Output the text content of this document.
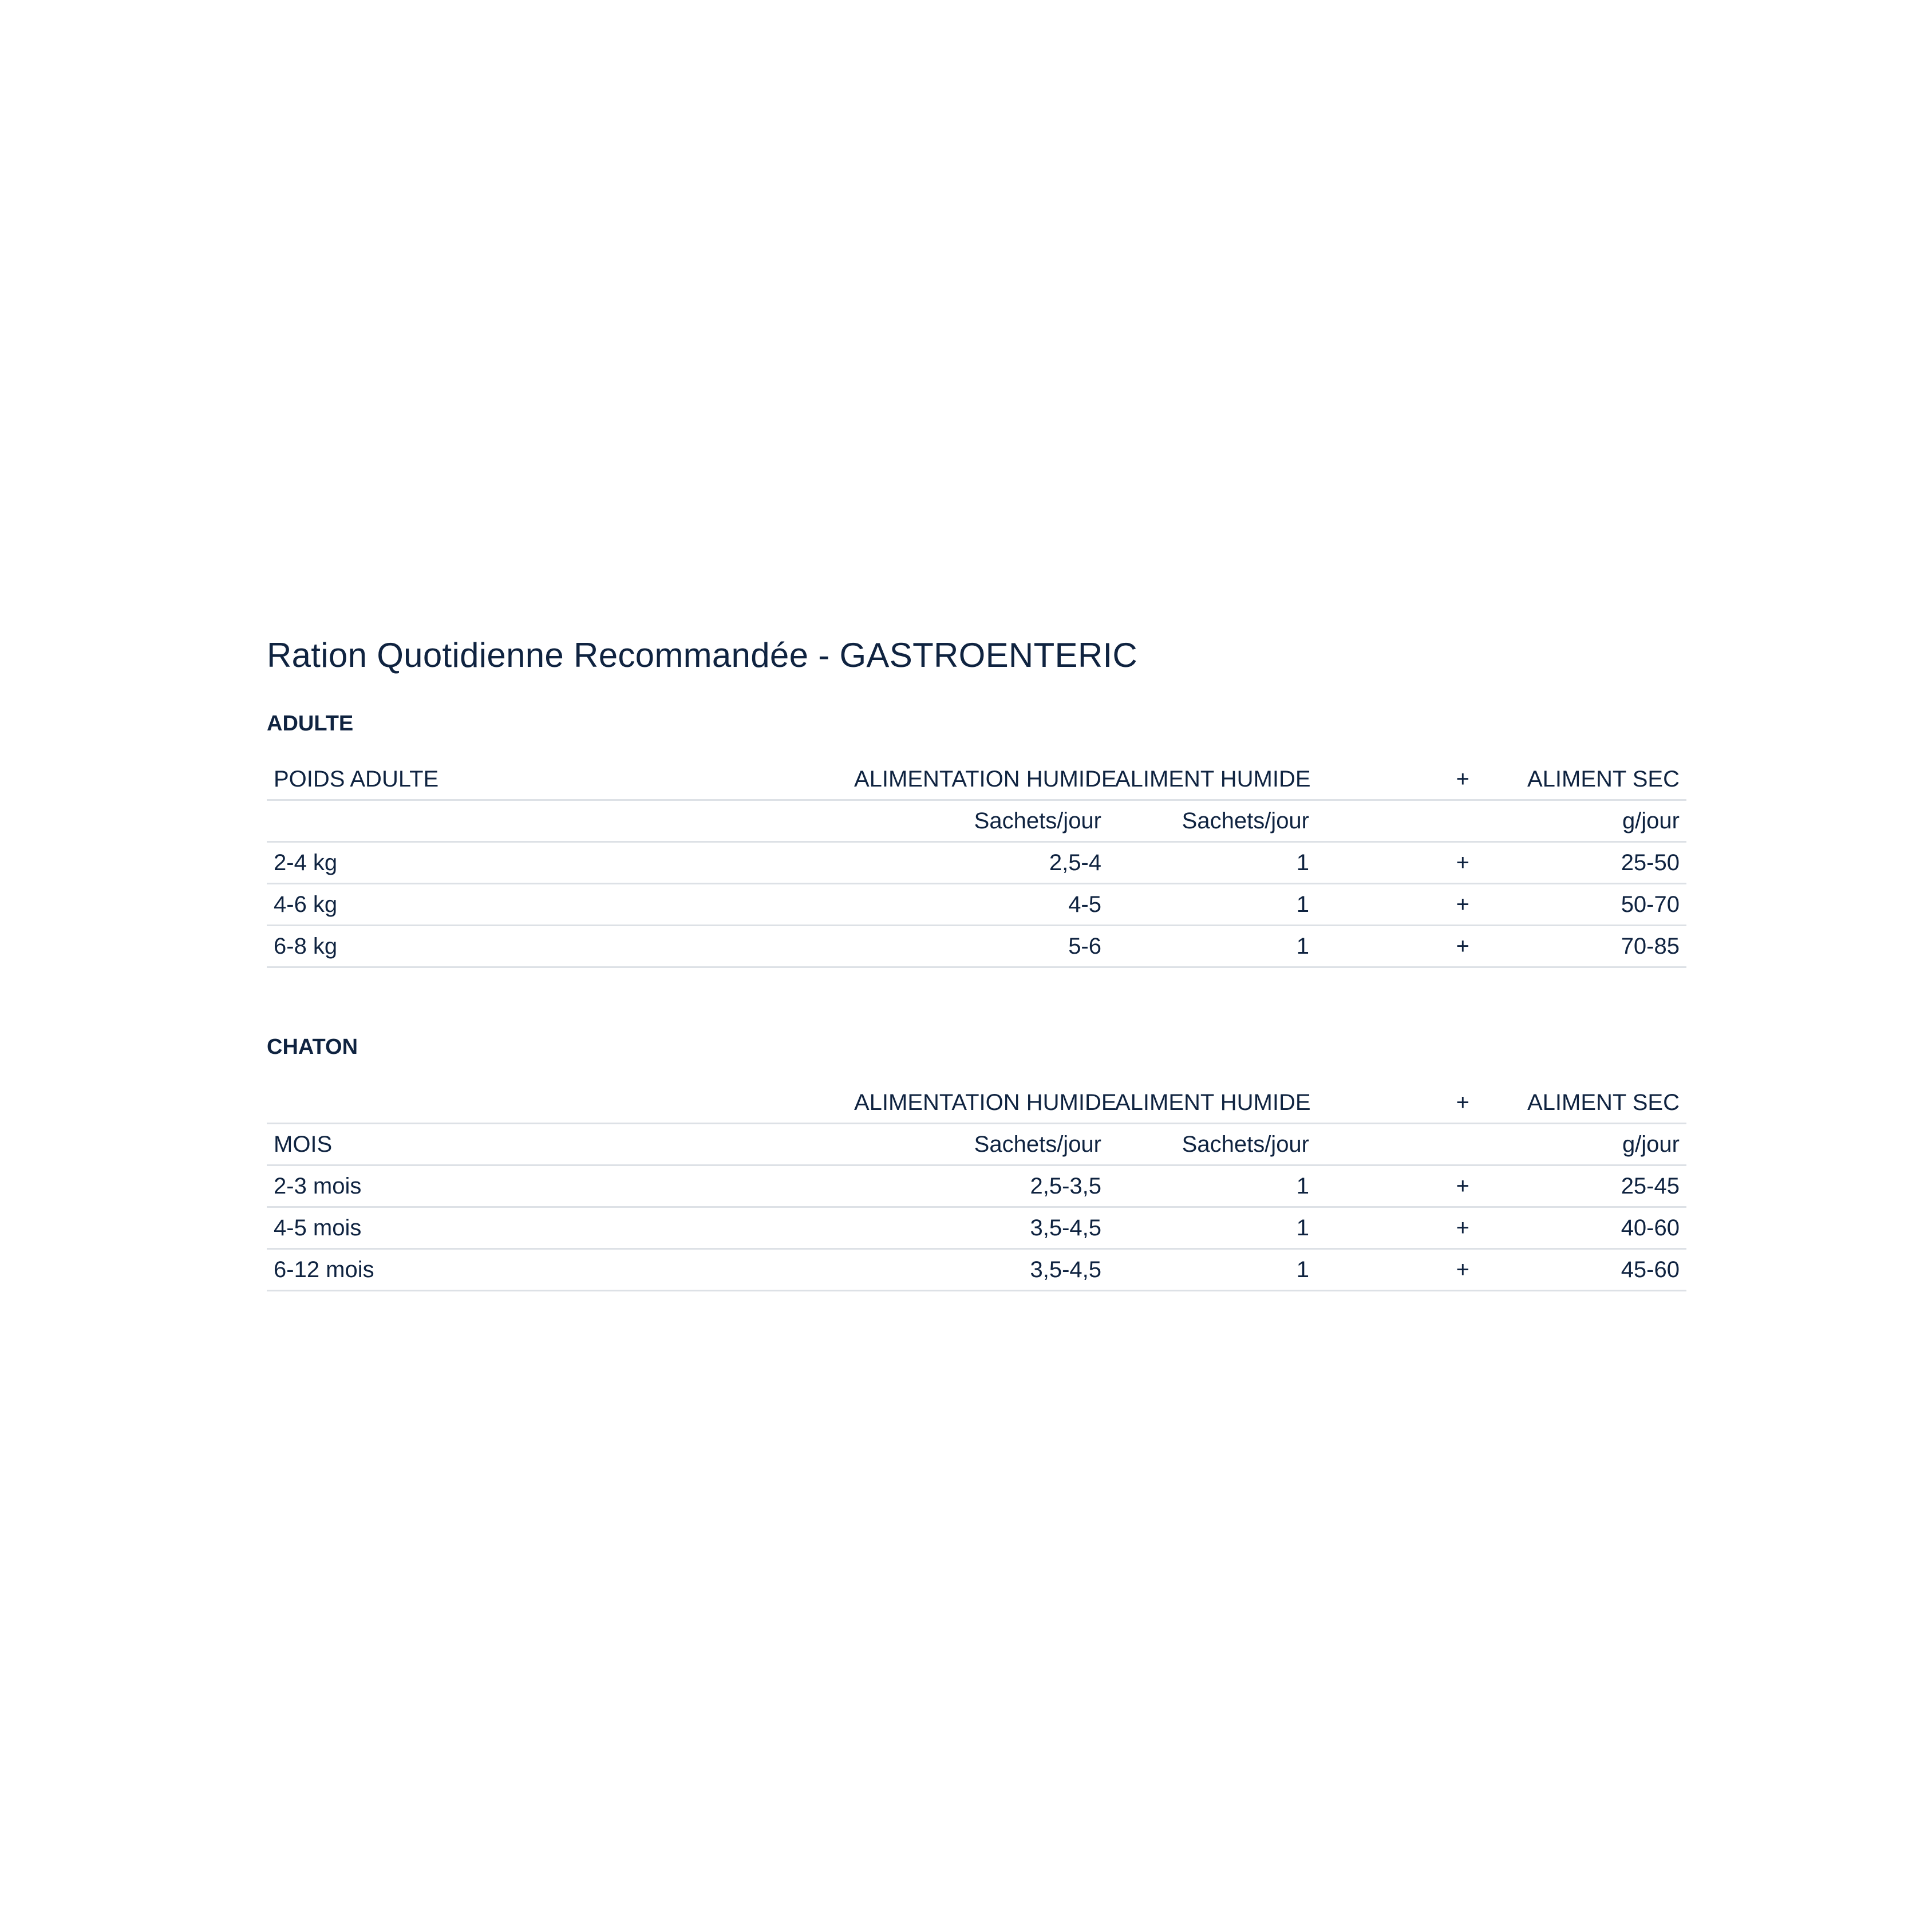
Ration Quotidienne Recommandée - GASTROENTERIC
ADULTE
POIDS ADULTE	ALIMENTATION HUMIDE	ALIMENT HUMIDE	+	ALIMENT SEC
	Sachets/jour	Sachets/jour		g/jour
2-4 kg	2,5-4	1	+	25-50
4-6 kg	4-5	1	+	50-70
6-8 kg	5-6	1	+	70-85
CHATON
	ALIMENTATION HUMIDE	ALIMENT HUMIDE	+	ALIMENT SEC
MOIS	Sachets/jour	Sachets/jour		g/jour
2-3 mois	2,5-3,5	1	+	25-45
4-5 mois	3,5-4,5	1	+	40-60
6-12 mois	3,5-4,5	1	+	45-60
